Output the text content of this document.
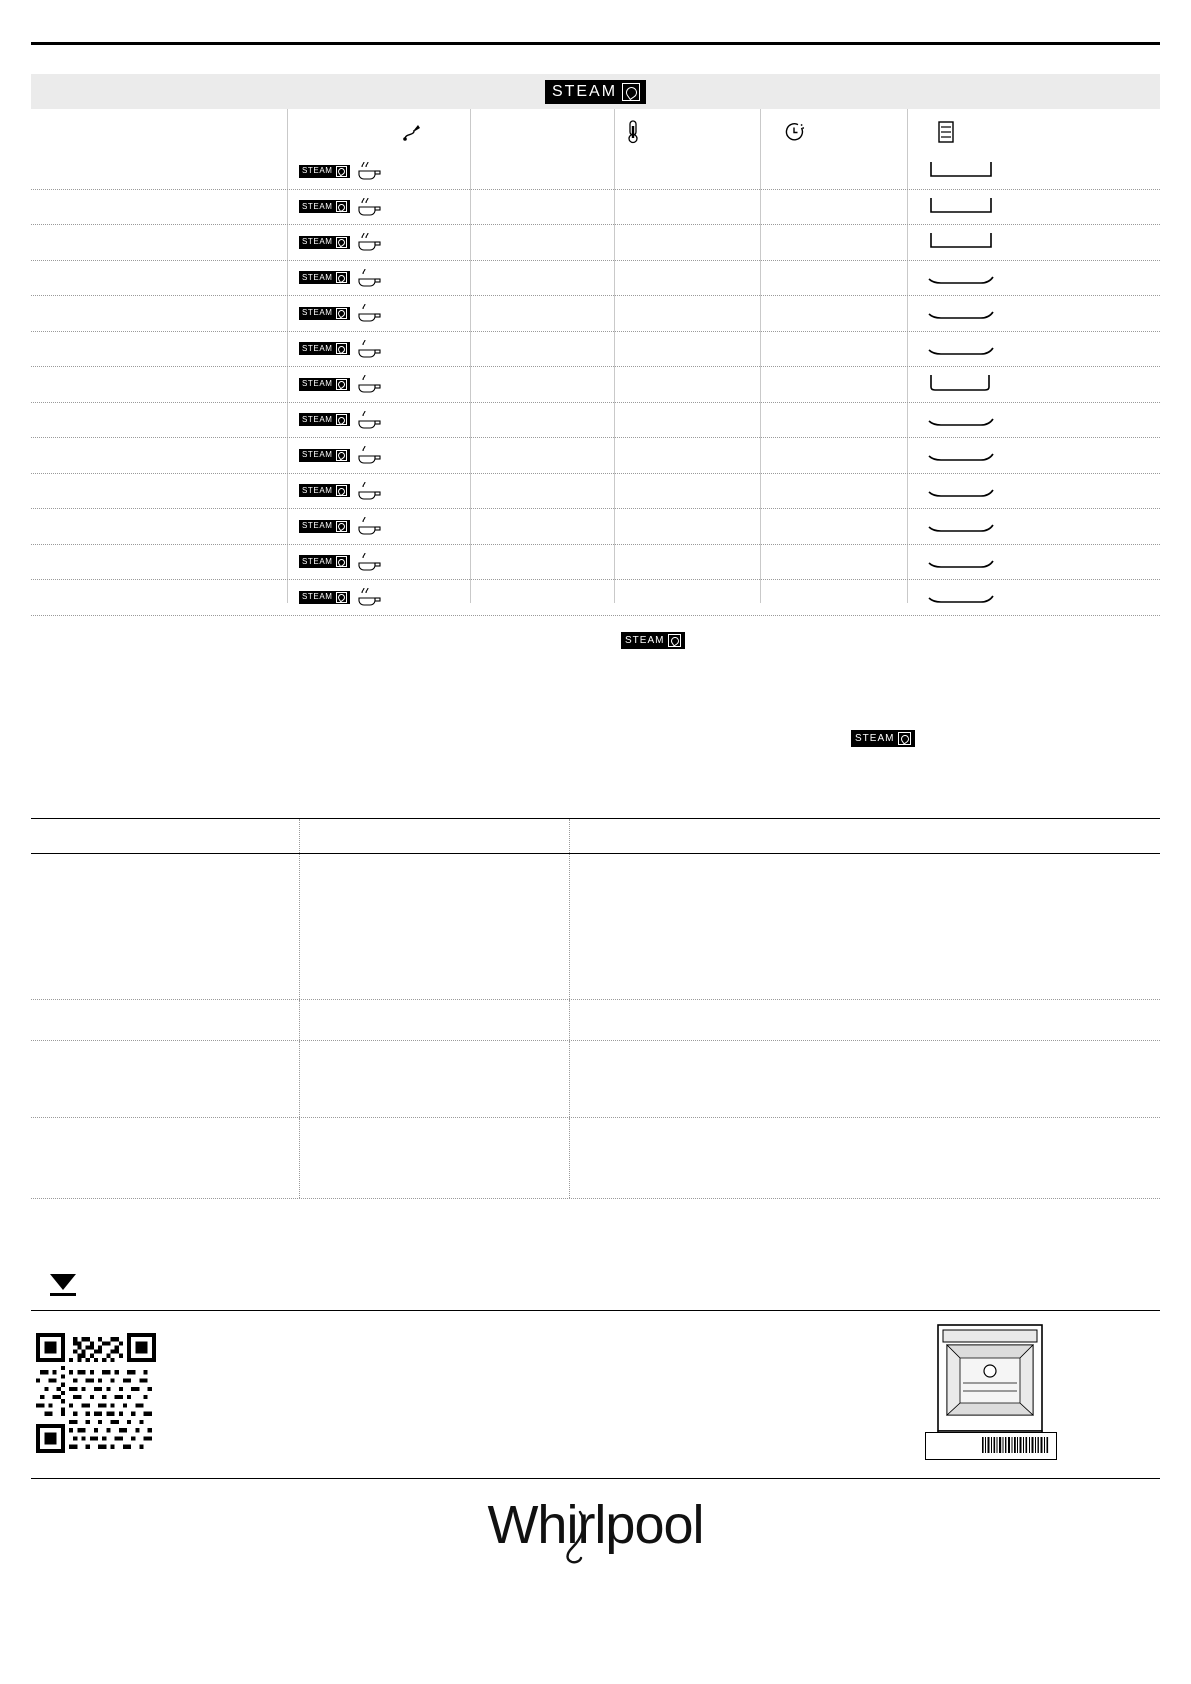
STEAM
STEAM
STEAM
STEAM
STEAM
STEAM
STEAM
STEAM
STEAM
STEAM
STEAM
STEAM
STEAM
STEAM
STEAM
STEAM
Whirlpool
